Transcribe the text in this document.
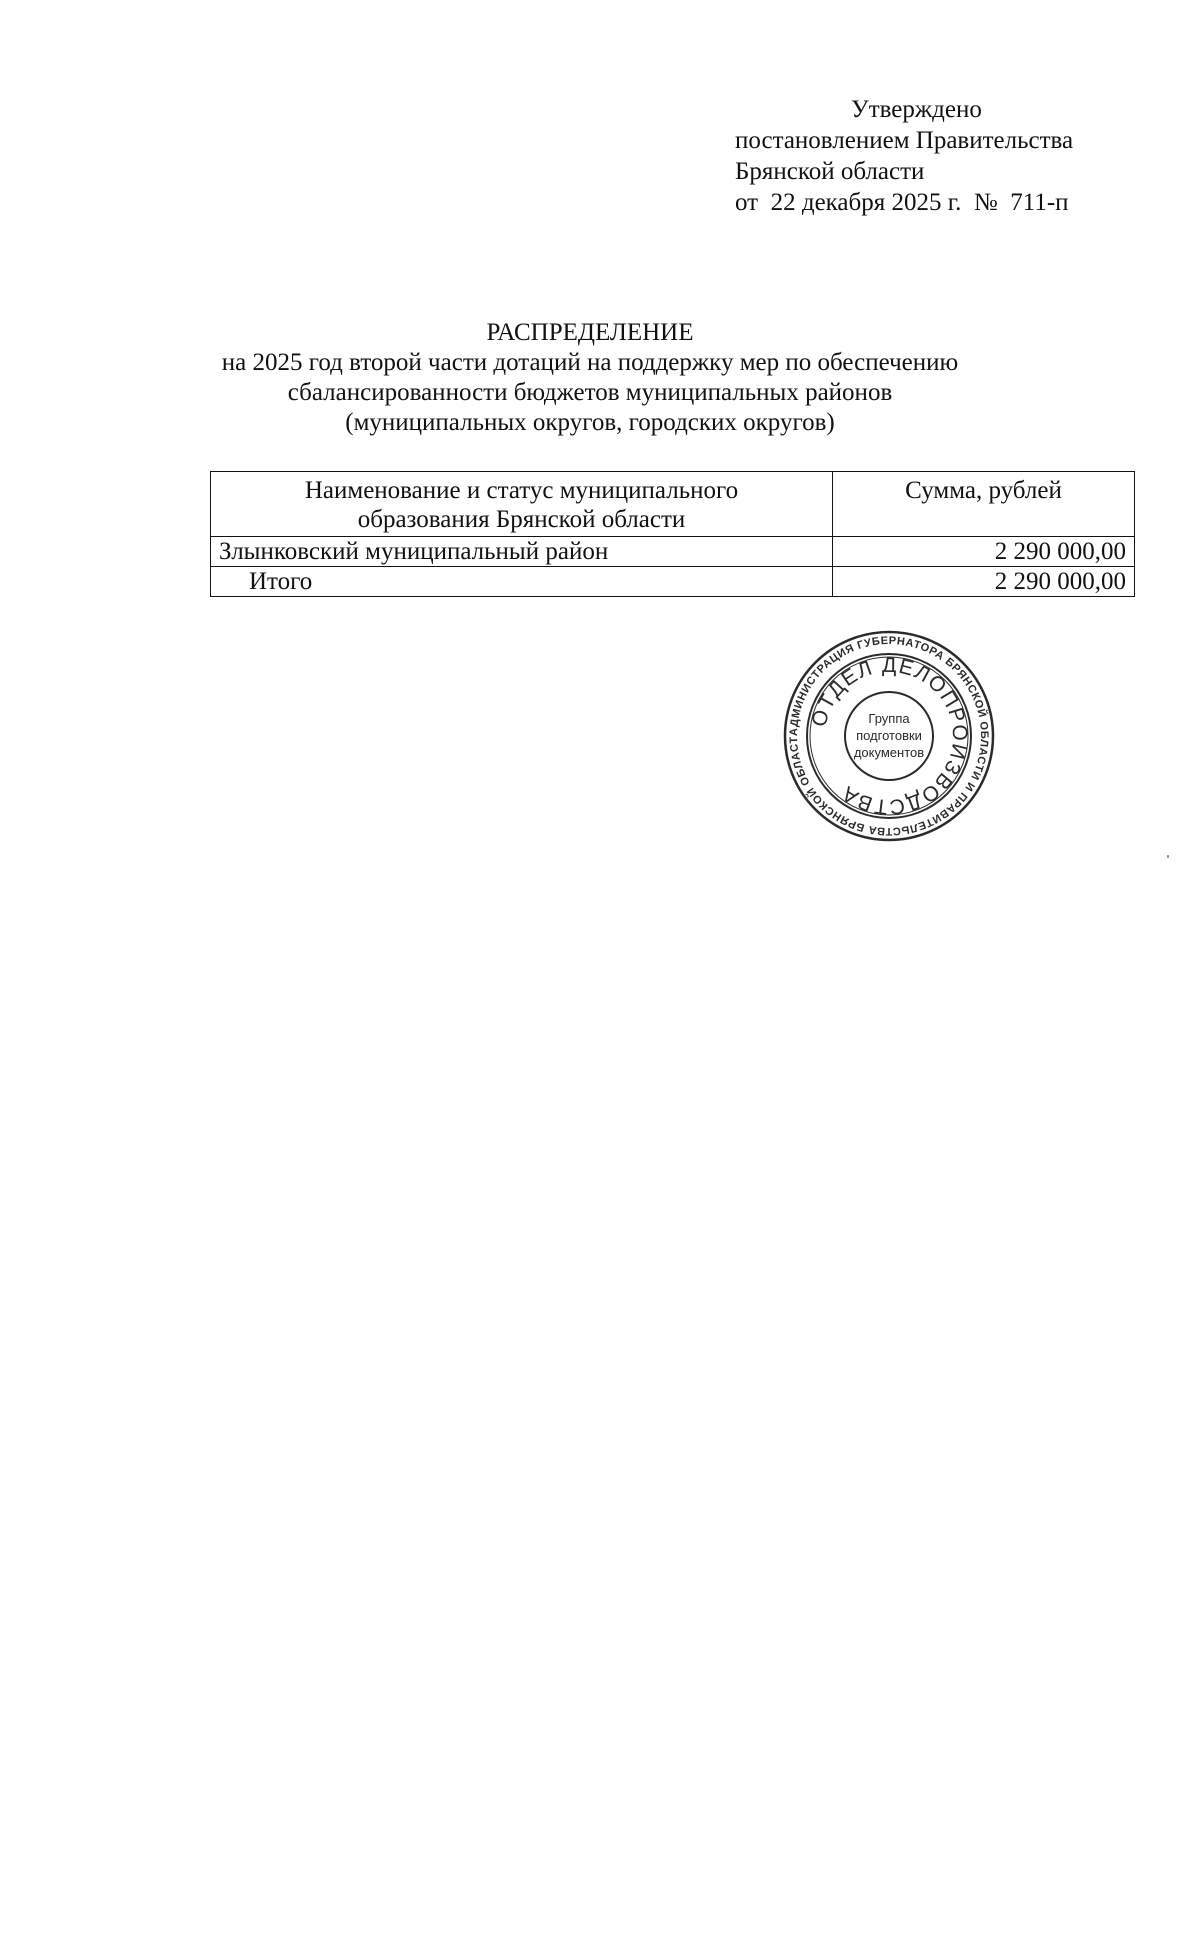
Утверждено
постановлением Правительства
Брянской области
от  22 декабря 2025 г.  №  711-п
РАСПРЕДЕЛЕНИЕ
на 2025 год второй части дотаций на поддержку мер по обеспечению
сбалансированности бюджетов муниципальных районов
(муниципальных округов, городских округов)
Наименование и статус муниципального
образования Брянской области	Сумма, рублей
Злынковский муниципальный район	2 290 000,00
Итого	2 290 000,00
АДМИНИСТРАЦИЯ ГУБЕРНАТОРА БРЯНСКОЙ ОБЛАСТИ И ПРАВИТЕЛЬСТВА БРЯНСКОЙ ОБЛАСТ
ОТДЕЛ ДЕЛОПРОИЗВОДСТВА
Группа
подготовки
документов
